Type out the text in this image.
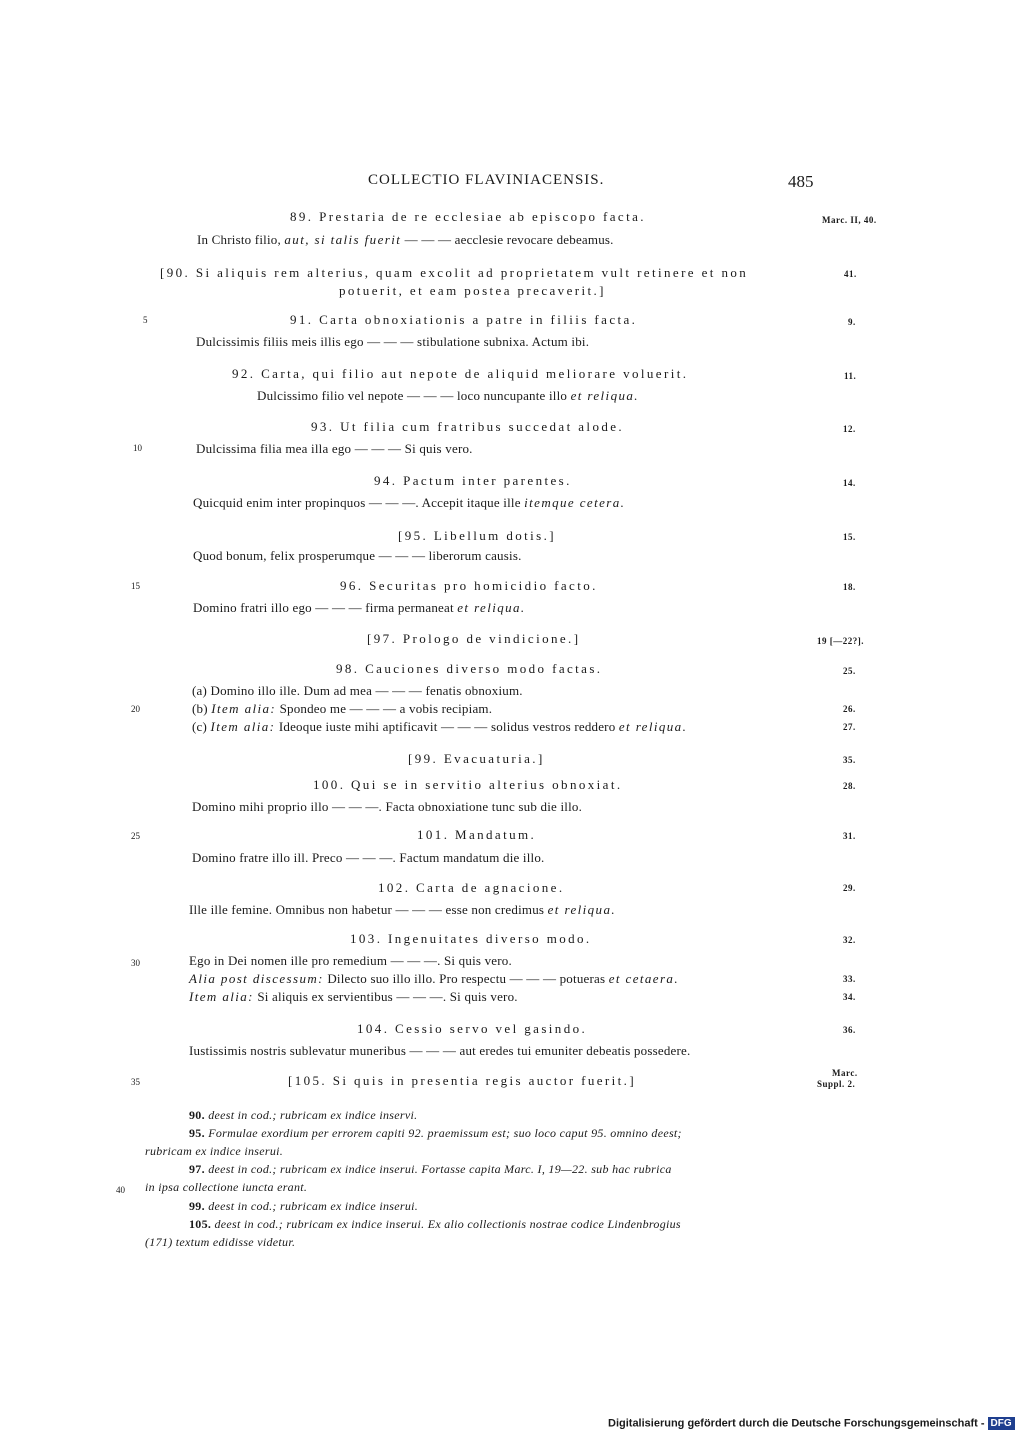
COLLECTIO FLAVINIACENSIS.	485
89. Prestaria de re ecclesiae ab episcopo facta.	Marc. II, 40.
In Christo filio, aut, si talis fuerit — — — aecclesie revocare debeamus.
[90. Si aliquis rem alterius, quam excolit ad proprietatem vult retinere et non
potuerit, et eam postea precaverit.]
41.
5	91. Carta obnoxiationis a patre in filiis facta.	9.
Dulcissimis filiis meis illis ego — — — stibulatione subnixa. Actum ibi.
92. Carta, qui filio aut nepote de aliquid meliorare voluerit.	11.
Dulcissimo filio vel nepote — — — loco nuncupante illo et reliqua.
93. Ut filia cum fratribus succedat alode.	12.
10	Dulcissima filia mea illa ego — — — Si quis vero.
94. Pactum inter parentes.	14.
Quicquid enim inter propinquos — — —. Accepit itaque ille itemque cetera.
[95. Libellum dotis.]	15.
Quod bonum, felix prosperumque — — — liberorum causis.
15	96. Securitas pro homicidio facto.	18.
Domino fratri illo ego — — — firma permaneat et reliqua.
[97. Prologo de vindicione.]	19 [—22?].
98. Cauciones diverso modo factas.	25.
(a) Domino illo ille. Dum ad mea — — — fenatis obnoxium.
20	(b) Item alia: Spondeo me — — — a vobis recipiam.	26.
(c) Item alia: Ideoque iuste mihi aptificavit — — — solidus vestros reddero et reliqua.	27.
[99. Evacuaturia.]	35.
100. Qui se in servitio alterius obnoxiat.	28.
Domino mihi proprio illo — — —. Facta obnoxiatione tunc sub die illo.
25	101. Mandatum.	31.
Domino fratre illo ill. Preco — — —. Factum mandatum die illo.
102. Carta de agnacione.	29.
Ille ille femine. Omnibus non habetur — — — esse non credimus et reliqua.
103. Ingenuitates diverso modo.	32.
30	Ego in Dei nomen ille pro remedium — — —. Si quis vero.
Alia post discessum: Dilecto suo illo illo. Pro respectu — — — potueras et cetaera.	33.
Item alia: Si aliquis ex servientibus — — —. Si quis vero.	34.
104. Cessio servo vel gasindo.	36.
Iustissimis nostris sublevatur muneribus — — — aut eredes tui emuniter debeatis possedere.
35	[105. Si quis in presentia regis auctor fuerit.]	Marc.
Suppl. 2.
90. deest in cod.; rubricam ex indice inservi.
95. Formulae exordium per errorem capiti 92. praemissum est; suo loco caput 95. omnino deest;
rubricam ex indice inserui.
97. deest in cod.; rubricam ex indice inserui. Fortasse capita Marc. I, 19—22. sub hac rubrica
40 in ipsa collectione iuncta erant.
99. deest in cod.; rubricam ex indice inserui.
105. deest in cod.; rubricam ex indice inserui. Ex alio collectionis nostrae codice Lindenbrogius
(171) textum edidisse videtur.
Digitalisierung gefördert durch die Deutsche Forschungsgemeinschaft - DFG
